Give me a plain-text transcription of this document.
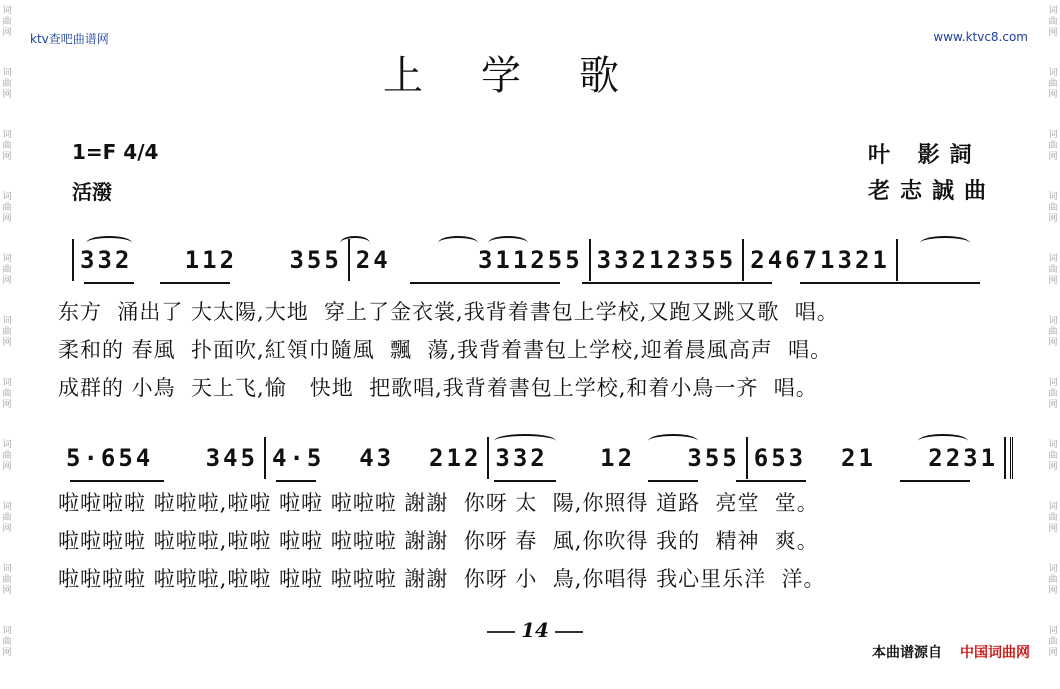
词
曲
网
词
曲
网
词
曲
网
词
曲
网
词
曲
网
词
曲
网
词
曲
网
词
曲
网
词
曲
网
词
曲
网
词
曲
网
词
曲
网
词
曲
网
词
曲
网
词
曲
网
词
曲
网
词
曲
网
词
曲
网
词
曲
网
词
曲
网
词
曲
网
词
曲
网
ktv查吧曲谱网	www.ktvc8.com
上学歌
1=F 4/4
活潑
叶 影詞
老志誠曲
332

112

355 24

	311255 33212355 2467 1321
东方  涌出了 大太陽,大地  穿上了金衣裳,我背着書包上学校,又跑又跳又歌  唱。
柔和的 春風  扑面吹,紅領巾隨風  飄  蕩,我背着書包上学校,迎着晨風高声  唱。
成群的 小鳥  天上飞,愉   快地  把歌唱,我背着書包上学校,和着小鳥一齐  唱。
5·654

345 4·5

43

212 332

12

355 653

21

2231
啦啦啦啦 啦啦啦,啦啦 啦啦 啦啦啦 謝謝  你呀 太  陽,你照得 道路  亮堂  堂。
啦啦啦啦 啦啦啦,啦啦 啦啦 啦啦啦 謝謝  你呀 春  風,你吹得 我的  精神  爽。
啦啦啦啦 啦啦啦,啦啦 啦啦 啦啦啦 謝謝  你呀 小  鳥,你唱得 我心里乐洋  洋。
14
本曲谱源自 中国词曲网
